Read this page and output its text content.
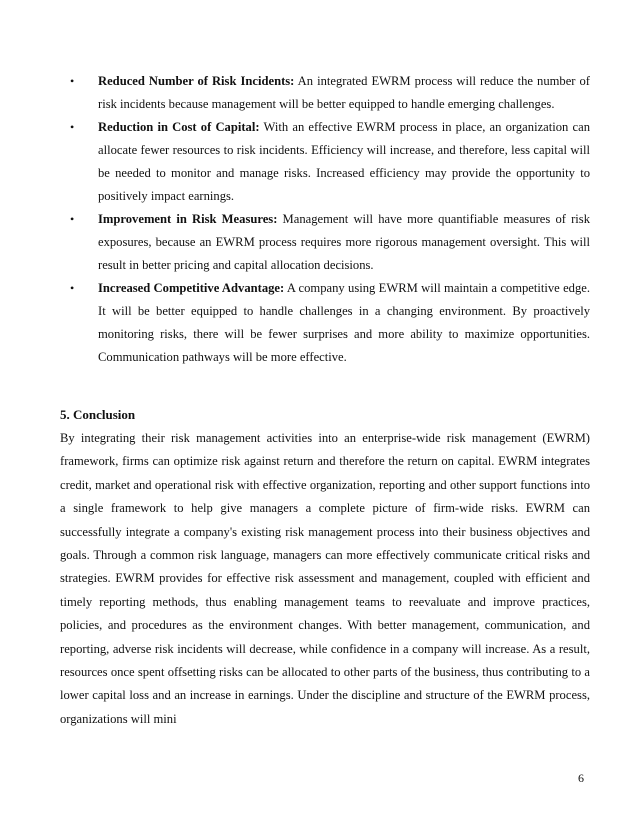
• Reduced Number of Risk Incidents: An integrated EWRM process will reduce the number of risk incidents because management will be better equipped to handle emerging challenges.
• Reduction in Cost of Capital: With an effective EWRM process in place, an organization can allocate fewer resources to risk incidents. Efficiency will increase, and therefore, less capital will be needed to monitor and manage risks. Increased efficiency may provide the opportunity to positively impact earnings.
• Improvement in Risk Measures: Management will have more quantifiable measures of risk exposures, because an EWRM process requires more rigorous management oversight. This will result in better pricing and capital allocation decisions.
• Increased Competitive Advantage: A company using EWRM will maintain a competitive edge. It will be better equipped to handle challenges in a changing environment. By proactively monitoring risks, there will be fewer surprises and more ability to maximize opportunities. Communication pathways will be more effective.
5. Conclusion

By integrating their risk management activities into an enterprise-wide risk management (EWRM) framework, firms can optimize risk against return and therefore the return on capital. EWRM integrates credit, market and operational risk with effective organization, reporting and other support functions into a single framework to help give managers a complete picture of firm-wide risks. EWRM can successfully integrate a company's existing risk management process into their business objectives and goals. Through a common risk language, managers can more effectively communicate critical risks and strategies. EWRM provides for effective risk assessment and management, coupled with efficient and timely reporting methods, thus enabling management teams to reevaluate and improve practices, policies, and procedures as the environment changes. With better management, communication, and reporting, adverse risk incidents will decrease, while confidence in a company will increase. As a result, resources once spent offsetting risks can be allocated to other parts of the business, thus contributing to a lower capital loss and an increase in earnings. Under the discipline and structure of the EWRM process, organizations will mini

6
